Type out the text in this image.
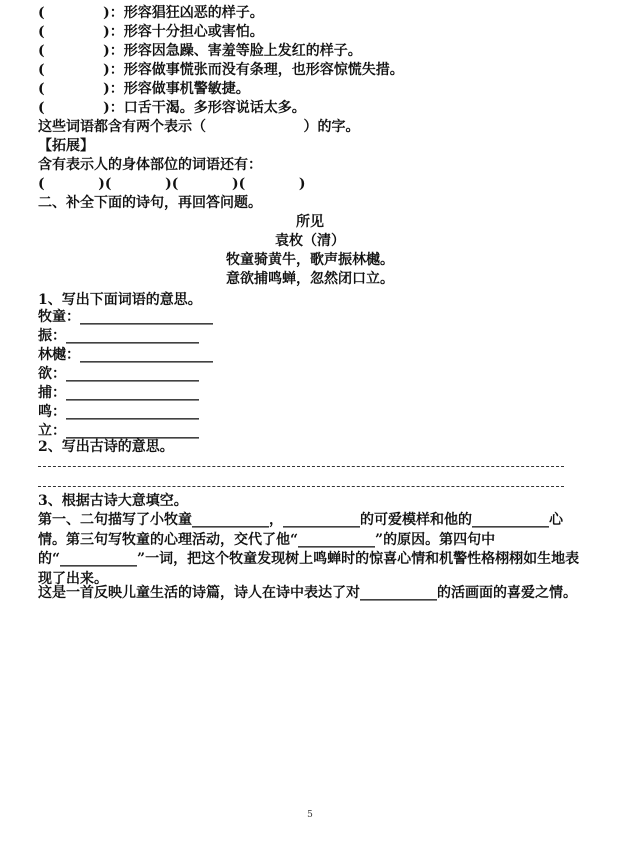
(            )：形容猖狂凶恶的样子。
(            )：形容十分担心或害怕。
(            )：形容因急躁、害羞等脸上发红的样子。
(            )：形容做事慌张而没有条理，也形容惊慌失措。
(            )：形容做事机警敏捷。
(            )：口舌干渴。多形容说话太多。
这些词语都含有两个表示（                    ）的字。
【拓展】
含有表示人的身体部位的词语还有：
(           )(           )(           )(           )
二、补全下面的诗句，再回答问题。
所见
袁枚（清）
牧童骑黄牛，歌声振林樾。
意欲捕鸣蝉，忽然闭口立。
1、写出下面词语的意思。
牧童：___________________
振：___________________
林樾：___________________
欲：___________________
捕：___________________
鸣：___________________
立：___________________
2、写出古诗的意思。
3、根据古诗大意填空。
第一、二句描写了小牧童___________，___________的可爱模样和他的___________心情。第三句写牧童的心理活动，交代了他“___________”的原因。第四句中的“___________”一词，把这个牧童发现树上鸣蝉时的惊喜心情和机警性格栩栩如生地表现了出来。
这是一首反映儿童生活的诗篇，诗人在诗中表达了对___________的活画面的喜爱之情。
5
